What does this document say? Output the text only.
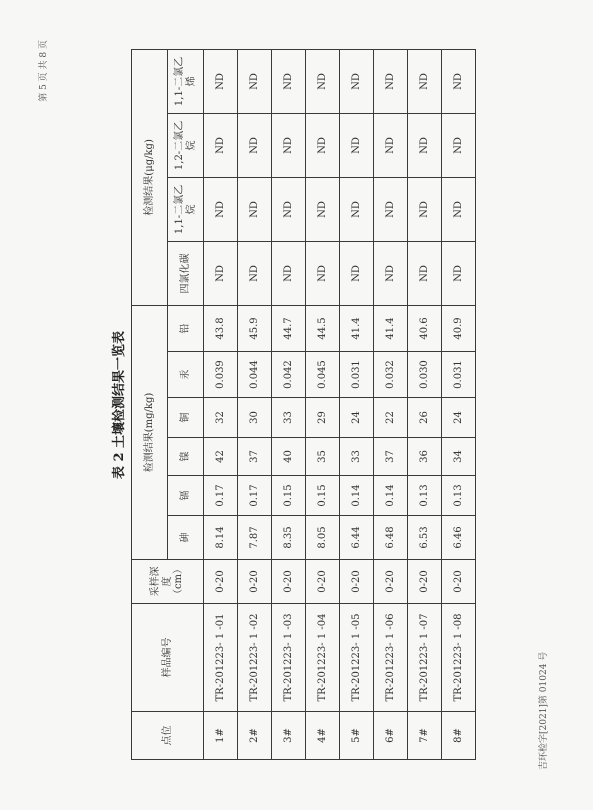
第 5 页 共 8 页
表 2 土壤检测结果一览表
点位	样品编号	采样深度（cm）	检测结果(mg/kg)						检测结果(μg/kg)			
			砷	镉	镍	铜	汞	铅	四氯化碳	1,1-二氯乙烷	1,2-二氯乙烷	1,1-二氯乙烯
1#	TR-201223- 1 -01	0-20	8.14	0.17	42	32	0.039	43.8	ND	ND	ND	ND
2#	TR-201223- 1 -02	0-20	7.87	0.17	37	30	0.044	45.9	ND	ND	ND	ND
3#	TR-201223- 1 -03	0-20	8.35	0.15	40	33	0.042	44.7	ND	ND	ND	ND
4#	TR-201223- 1 -04	0-20	8.05	0.15	35	29	0.045	44.5	ND	ND	ND	ND
5#	TR-201223- 1 -05	0-20	6.44	0.14	33	24	0.031	41.4	ND	ND	ND	ND
6#	TR-201223- 1 -06	0-20	6.48	0.14	37	22	0.032	41.4	ND	ND	ND	ND
7#	TR-201223- 1 -07	0-20	6.53	0.13	36	26	0.030	40.6	ND	ND	ND	ND
8#	TR-201223- 1 -08	0-20	6.46	0.13	34	24	0.031	40.9	ND	ND	ND	ND
吉环检字[2021]第 01024 号
